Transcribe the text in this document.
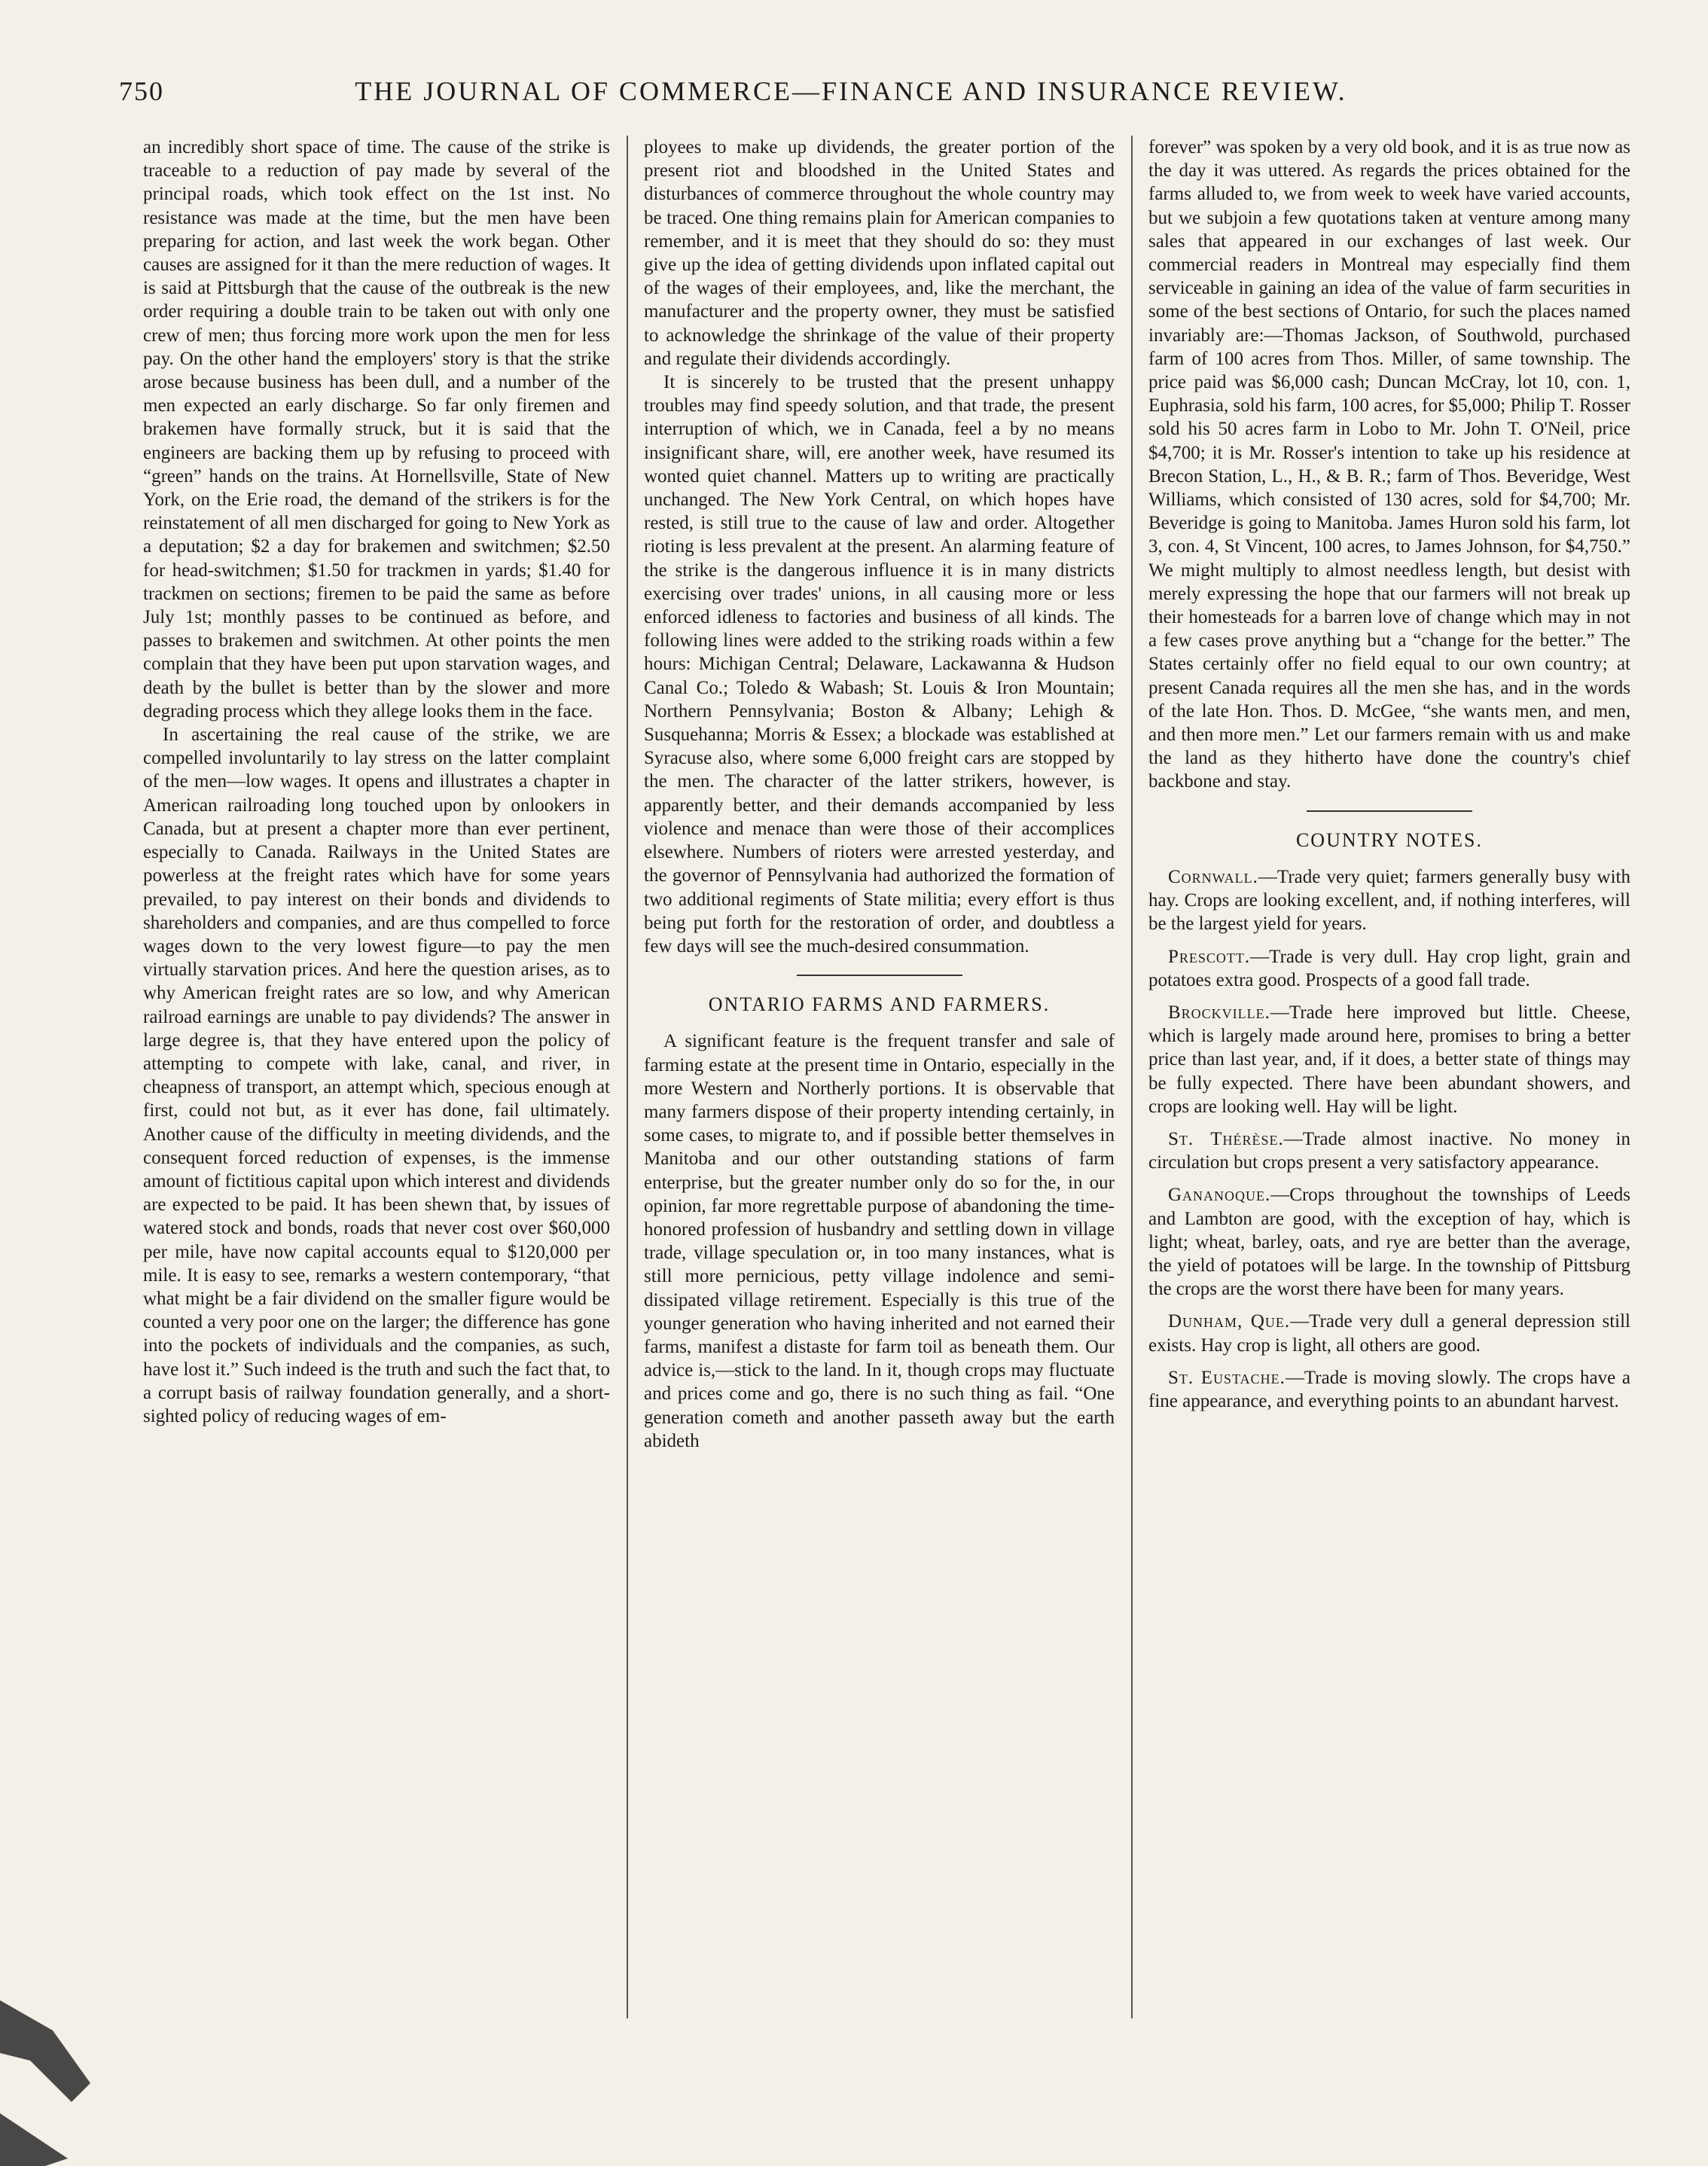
750	THE JOURNAL OF COMMERCE—FINANCE AND INSURANCE REVIEW.

an incredibly short space of time. The cause of the strike is traceable to a reduction of pay made by several of the principal roads, which took effect on the 1st inst. No resistance was made at the time, but the men have been preparing for action, and last week the work began. Other causes are assigned for it than the mere reduction of wages. It is said at Pittsburgh that the cause of the outbreak is the new order requiring a double train to be taken out with only one crew of men; thus forcing more work upon the men for less pay. On the other hand the employers' story is that the strike arose because business has been dull, and a number of the men expected an early discharge. So far only firemen and brakemen have formally struck, but it is said that the engineers are backing them up by refusing to proceed with “green” hands on the trains. At Hornellsville, State of New York, on the Erie road, the demand of the strikers is for the reinstatement of all men discharged for going to New York as a deputation; $2 a day for brakemen and switchmen; $2.50 for head-switchmen; $1.50 for trackmen in yards; $1.40 for trackmen on sections; firemen to be paid the same as before July 1st; monthly passes to be continued as before, and passes to brakemen and switchmen. At other points the men complain that they have been put upon starvation wages, and death by the bullet is better than by the slower and more degrading process which they allege looks them in the face.

In ascertaining the real cause of the strike, we are compelled involuntarily to lay stress on the latter complaint of the men—low wages. It opens and illustrates a chapter in American railroading long touched upon by onlookers in Canada, but at present a chapter more than ever pertinent, especially to Canada. Railways in the United States are powerless at the freight rates which have for some years prevailed, to pay interest on their bonds and dividends to shareholders and companies, and are thus compelled to force wages down to the very lowest figure—to pay the men virtually starvation prices. And here the question arises, as to why American freight rates are so low, and why American railroad earnings are unable to pay dividends? The answer in large degree is, that they have entered upon the policy of attempting to compete with lake, canal, and river, in cheapness of transport, an attempt which, specious enough at first, could not but, as it ever has done, fail ultimately. Another cause of the difficulty in meeting dividends, and the consequent forced reduction of expenses, is the immense amount of fictitious capital upon which interest and dividends are expected to be paid. It has been shewn that, by issues of watered stock and bonds, roads that never cost over $60,000 per mile, have now capital accounts equal to $120,000 per mile. It is easy to see, remarks a western contemporary, “that what might be a fair dividend on the smaller figure would be counted a very poor one on the larger; the difference has gone into the pockets of individuals and the companies, as such, have lost it.” Such indeed is the truth and such the fact that, to a corrupt basis of railway foundation generally, and a short-sighted policy of reducing wages of em-

ployees to make up dividends, the greater portion of the present riot and bloodshed in the United States and disturbances of commerce throughout the whole country may be traced. One thing remains plain for American companies to remember, and it is meet that they should do so: they must give up the idea of getting dividends upon inflated capital out of the wages of their employees, and, like the merchant, the manufacturer and the property owner, they must be satisfied to acknowledge the shrinkage of the value of their property and regulate their dividends accordingly.

It is sincerely to be trusted that the present unhappy troubles may find speedy solution, and that trade, the present interruption of which, we in Canada, feel a by no means insignificant share, will, ere another week, have resumed its wonted quiet channel. Matters up to writing are practically unchanged. The New York Central, on which hopes have rested, is still true to the cause of law and order. Altogether rioting is less prevalent at the present. An alarming feature of the strike is the dangerous influence it is in many districts exercising over trades' unions, in all causing more or less enforced idleness to factories and business of all kinds. The following lines were added to the striking roads within a few hours: Michigan Central; Delaware, Lackawanna & Hudson Canal Co.; Toledo & Wabash; St. Louis & Iron Mountain; Northern Pennsylvania; Boston & Albany; Lehigh & Susquehanna; Morris & Essex; a blockade was established at Syracuse also, where some 6,000 freight cars are stopped by the men. The character of the latter strikers, however, is apparently better, and their demands accompanied by less violence and menace than were those of their accomplices elsewhere. Numbers of rioters were arrested yesterday, and the governor of Pennsylvania had authorized the formation of two additional regiments of State militia; every effort is thus being put forth for the restoration of order, and doubtless a few days will see the much-desired consummation.

ONTARIO FARMS AND FARMERS.

A significant feature is the frequent transfer and sale of farming estate at the present time in Ontario, especially in the more Western and Northerly portions. It is observable that many farmers dispose of their property intending certainly, in some cases, to migrate to, and if possible better themselves in Manitoba and our other outstanding stations of farm enterprise, but the greater number only do so for the, in our opinion, far more regrettable purpose of abandoning the time-honored profession of husbandry and settling down in village trade, village speculation or, in too many instances, what is still more pernicious, petty village indolence and semi-dissipated village retirement. Especially is this true of the younger generation who having inherited and not earned their farms, manifest a distaste for farm toil as beneath them. Our advice is,—stick to the land. In it, though crops may fluctuate and prices come and go, there is no such thing as fail. “One generation cometh and another passeth away but the earth abideth

forever” was spoken by a very old book, and it is as true now as the day it was uttered. As regards the prices obtained for the farms alluded to, we from week to week have varied accounts, but we subjoin a few quotations taken at venture among many sales that appeared in our exchanges of last week. Our commercial readers in Montreal may especially find them serviceable in gaining an idea of the value of farm securities in some of the best sections of Ontario, for such the places named invariably are:—Thomas Jackson, of Southwold, purchased farm of 100 acres from Thos. Miller, of same township. The price paid was $6,000 cash; Duncan McCray, lot 10, con. 1, Euphrasia, sold his farm, 100 acres, for $5,000; Philip T. Rosser sold his 50 acres farm in Lobo to Mr. John T. O'Neil, price $4,700; it is Mr. Rosser's intention to take up his residence at Brecon Station, L., H., & B. R.; farm of Thos. Beveridge, West Williams, which consisted of 130 acres, sold for $4,700; Mr. Beveridge is going to Manitoba. James Huron sold his farm, lot 3, con. 4, St Vincent, 100 acres, to James Johnson, for $4,750.” We might multiply to almost needless length, but desist with merely expressing the hope that our farmers will not break up their homesteads for a barren love of change which may in not a few cases prove anything but a “change for the better.” The States certainly offer no field equal to our own country; at present Canada requires all the men she has, and in the words of the late Hon. Thos. D. McGee, “she wants men, and men, and then more men.” Let our farmers remain with us and make the land as they hitherto have done the country's chief backbone and stay.

COUNTRY NOTES.

Cornwall.—Trade very quiet; farmers generally busy with hay. Crops are looking excellent, and, if nothing interferes, will be the largest yield for years.

Prescott.—Trade is very dull. Hay crop light, grain and potatoes extra good. Prospects of a good fall trade.

Brockville.—Trade here improved but little. Cheese, which is largely made around here, promises to bring a better price than last year, and, if it does, a better state of things may be fully expected. There have been abundant showers, and crops are looking well. Hay will be light.

St. Thérèse.—Trade almost inactive. No money in circulation but crops present a very satisfactory appearance.

Gananoque.—Crops throughout the townships of Leeds and Lambton are good, with the exception of hay, which is light; wheat, barley, oats, and rye are better than the average, the yield of potatoes will be large. In the township of Pittsburg the crops are the worst there have been for many years.

Dunham, Que.—Trade very dull a general depression still exists. Hay crop is light, all others are good.

St. Eustache.—Trade is moving slowly. The crops have a fine appearance, and everything points to an abundant harvest.
